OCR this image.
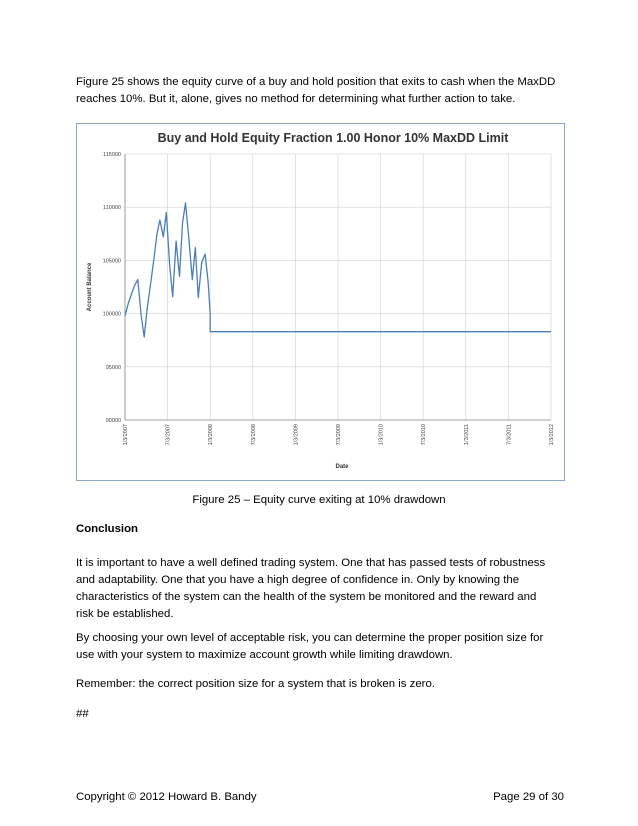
Figure 25 shows the equity curve of a buy and hold position that exits to cash when the MaxDD
reaches 10%. But it, alone, gives no method for determining what further action to take.

Buy and Hold Equity Fraction 1.00 Honor 10% MaxDD Limit
90000
95000
100000
105000
110000
115000
1/3/2007	7/3/2007	1/3/2008	7/3/2008	1/3/2009	7/3/2009	1/3/2010	7/3/2010	1/3/2011	7/3/2011	1/3/2012
Account Balance
Date
Figure 25 – Equity curve exiting at 10% drawdown

Conclusion

It is important to have a well defined trading system. One that has passed tests of robustness
and adaptability. One that you have a high degree of confidence in. Only by knowing the
characteristics of the system can the health of the system be monitored and the reward and
risk be established.

By choosing your own level of acceptable risk, you can determine the proper position size for
use with your system to maximize account growth while limiting drawdown.

Remember: the correct position size for a system that is broken is zero.

##

Copyright © 2012 Howard B. Bandy	Page 29 of 30
